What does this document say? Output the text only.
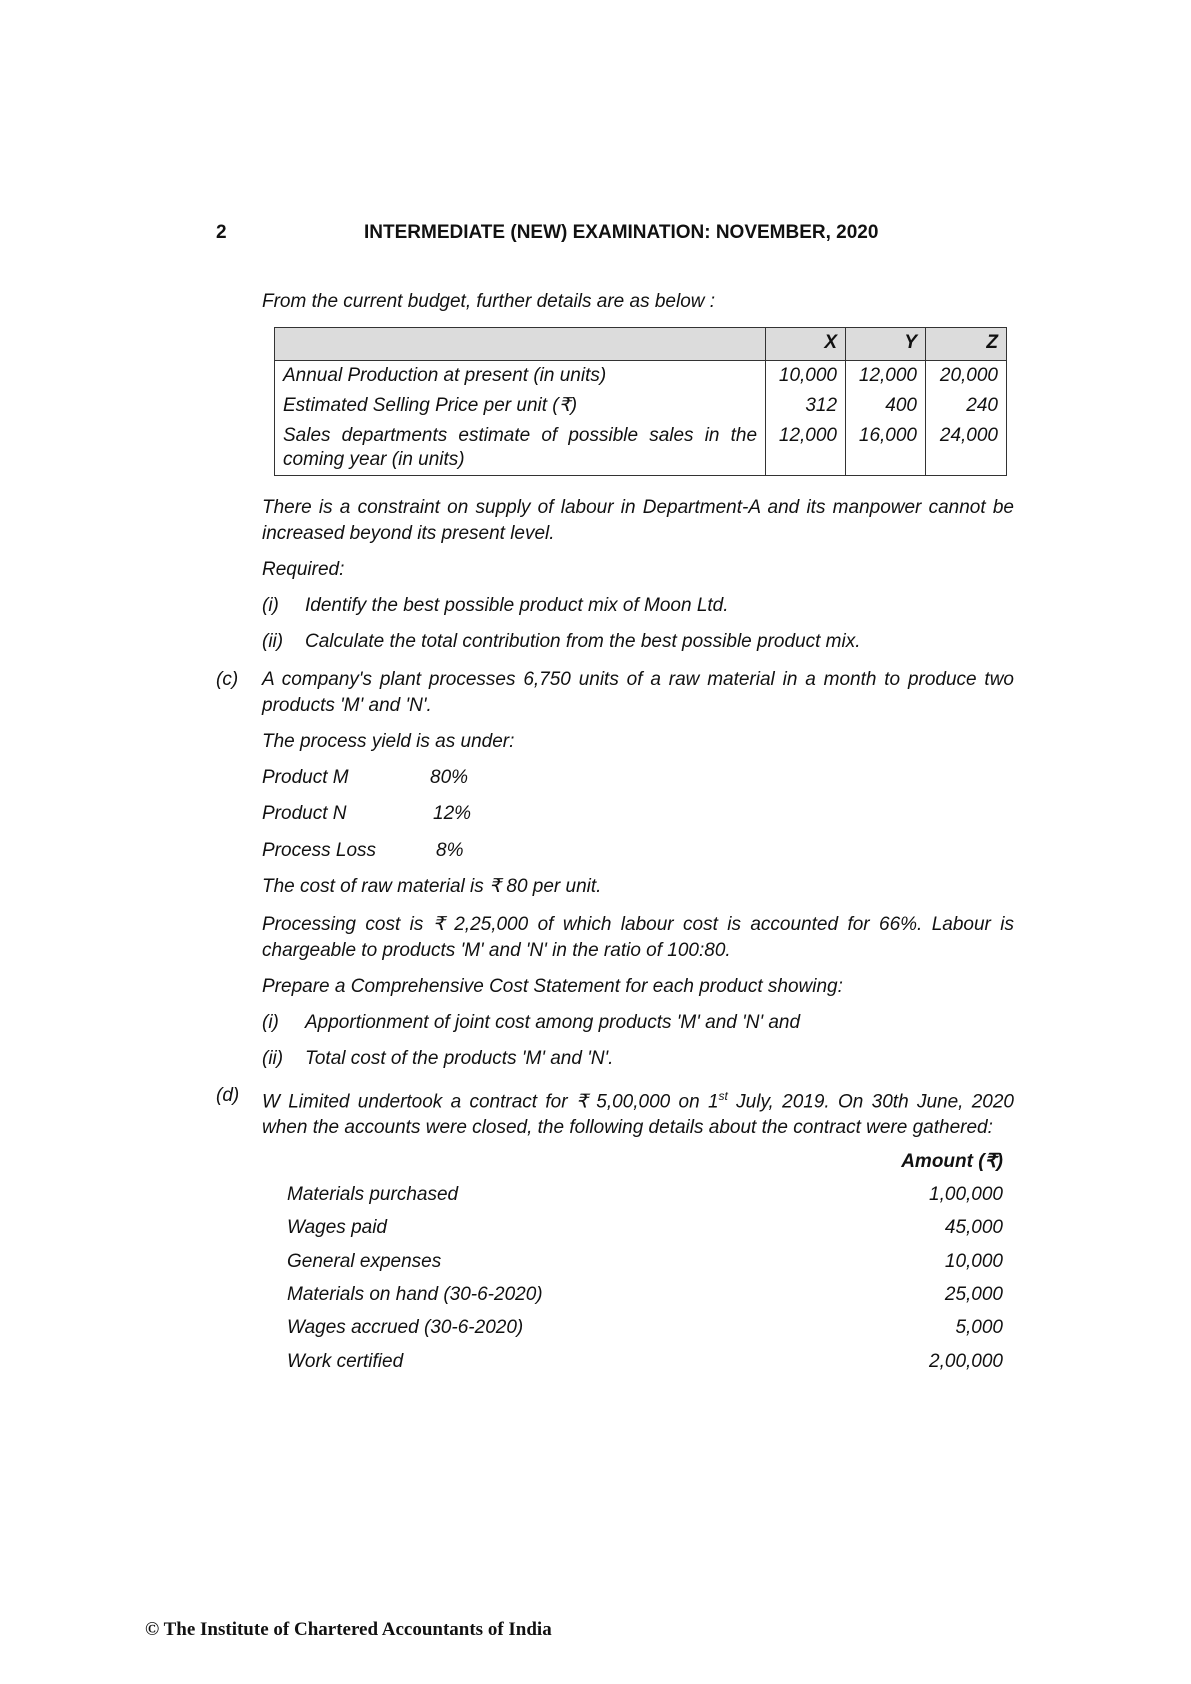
2	INTERMEDIATE (NEW) EXAMINATION: NOVEMBER, 2020
From the current budget, further details are as below :
	X	Y	Z
Annual Production at present (in units)	10,000	12,000	20,000
Estimated Selling Price per unit (₹)	312	400	240
Sales departments estimate of possible sales in the coming year (in units)	12,000	16,000	24,000
There is a constraint on supply of labour in Department-A and its manpower cannot be increased beyond its present level.
Required:
(i) Identify the best possible product mix of Moon Ltd.
(ii) Calculate the total contribution from the best possible product mix.
(c) A company's plant processes 6,750 units of a raw material in a month to produce two products 'M' and 'N'.
The process yield is as under:
Product M	80%
Product N	12%
Process Loss	8%
The cost of raw material is ₹ 80 per unit.
Processing cost is ₹ 2,25,000 of which labour cost is accounted for 66%. Labour is chargeable to products 'M' and 'N' in the ratio of 100:80.
Prepare a Comprehensive Cost Statement for each product showing:
(i) Apportionment of joint cost among products 'M' and 'N' and
(ii) Total cost of the products 'M' and 'N'.
(d) W Limited undertook a contract for ₹ 5,00,000 on 1st July, 2019. On 30th June, 2020 when the accounts were closed, the following details about the contract were gathered:
Amount (₹)
Materials purchased	1,00,000
Wages paid	45,000
General expenses	10,000
Materials on hand (30-6-2020)	25,000
Wages accrued (30-6-2020)	5,000
Work certified	2,00,000
© The Institute of Chartered Accountants of India
